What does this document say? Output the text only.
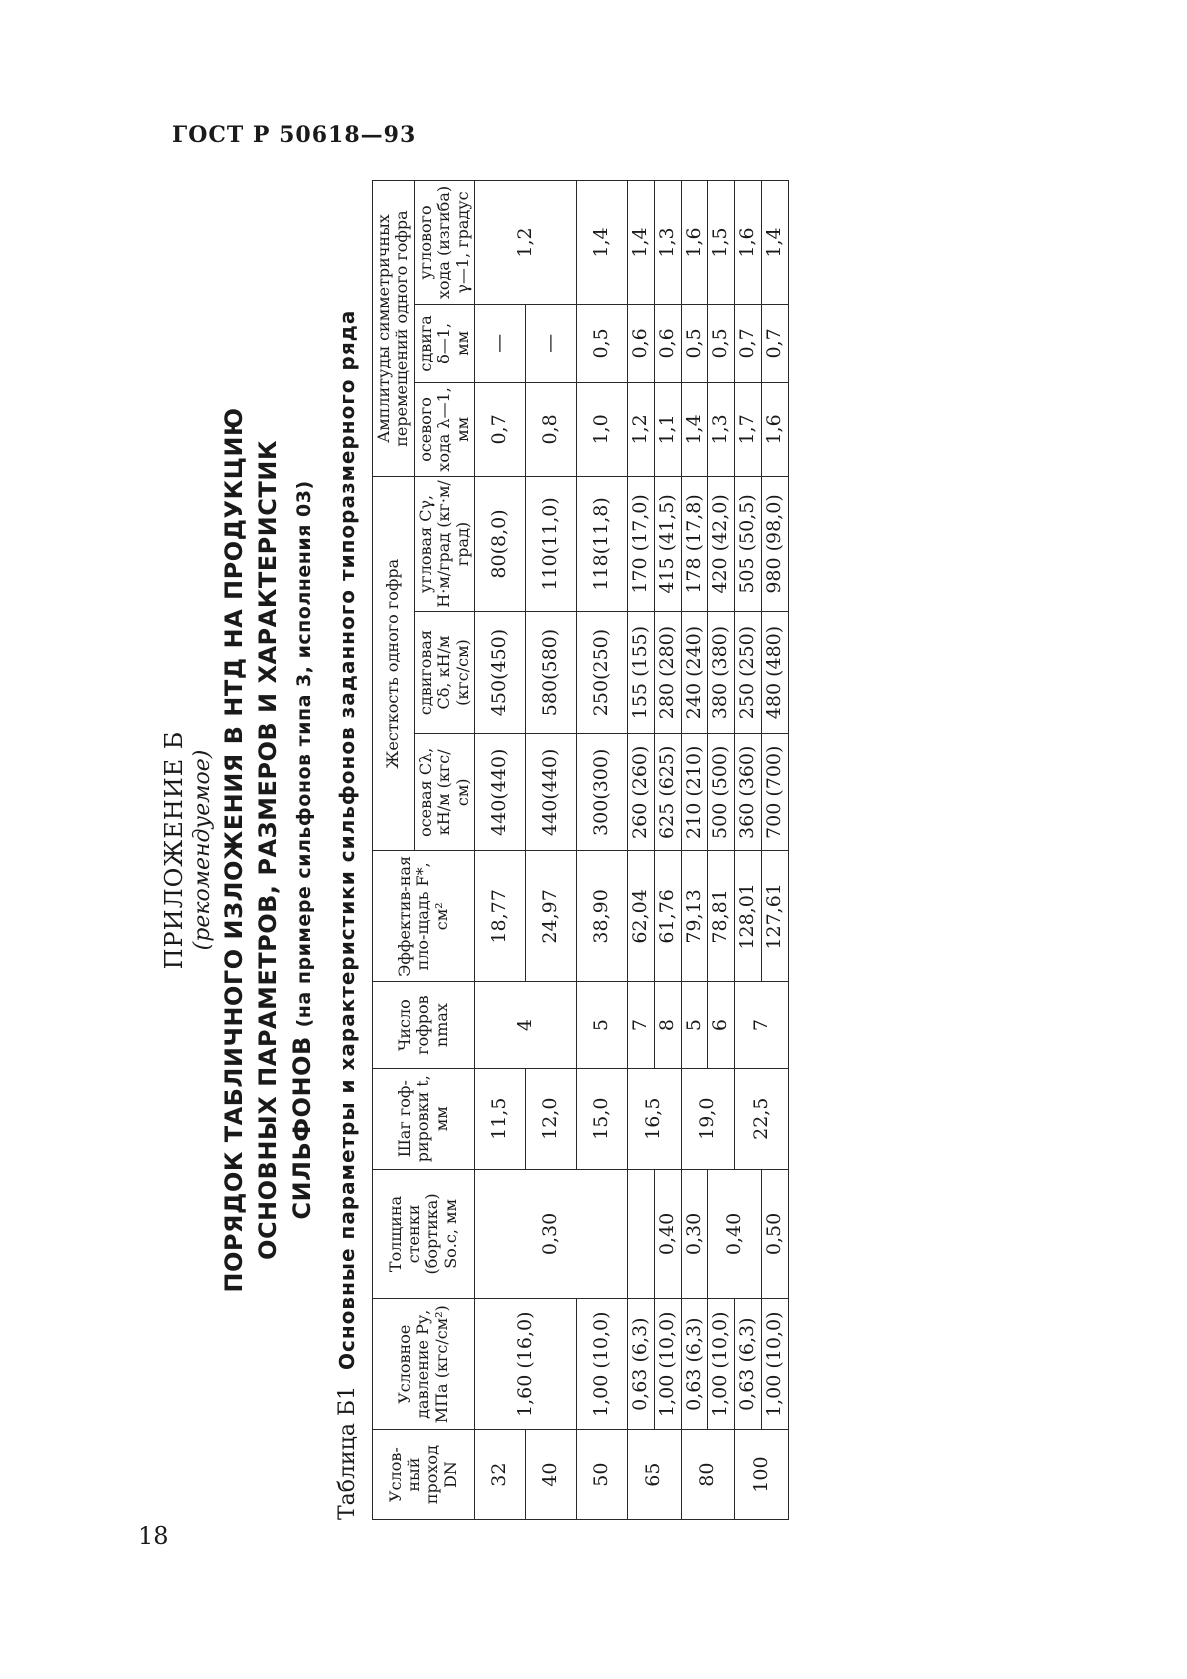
ГОСТ Р 50618—93
18
ПРИЛОЖЕНИЕ Б (рекомендуемое) ПОРЯДОК ТАБЛИЧНОГО ИЗЛОЖЕНИЯ В НТД НА ПРОДУКЦИЮ ОСНОВНЫХ ПАРАМЕТРОВ, РАЗМЕРОВ И ХАРАКТЕРИСТИК СИЛЬФОНОВ (на примере сильфонов типа 3, исполнения 03)
Таблица Б1
Основные параметры и характеристики сильфонов заданного типоразмерного ряда
Услов-ный проход DN	Условное давление Pу, МПа (кгс/см²)	Толщина стенки (бортика) Sо.с, мм	Шаг гоф-рировки t, мм	Число гофров nmax	Эффектив-ная пло-щадь F*, см²	Жесткость одного гофра			Амплитуды симметричных перемещений одного гофра		
						осевая Cλ, кН/м (кгс/см)	сдвиговая Cδ, кН/м (кгс/см)	угловая Cγ, Н·м/град (кг·м/град)	осевого хода λ—1, мм	сдвига δ—1, мм	углового хода (изгиба) γ—1, градус
32	1,60 (16,0)	0,30	11,5	4	18,77	440(440)	450(450)	80(8,0)	0,7	—	1,2
40			12,0		24,97	440(440)	580(580)	110(11,0)	0,8	—	
50	1,00 (10,0)		15,0	5	38,90	300(300)	250(250)	118(11,8)	1,0	0,5	1,4
65	0,63 (6,3)		16,5	7	62,04	260 (260)	155 (155)	170 (17,0)	1,2	0,6	1,4
	1,00 (10,0)	0,40		8	61,76	625 (625)	280 (280)	415 (41,5)	1,1	0,6	1,3
80	0,63 (6,3)	0,30	19,0	5	79,13	210 (210)	240 (240)	178 (17,8)	1,4	0,5	1,6
	1,00 (10,0)	0,40		6	78,81	500 (500)	380 (380)	420 (42,0)	1,3	0,5	1,5
100	0,63 (6,3)		22,5	7	128,01	360 (360)	250 (250)	505 (50,5)	1,7	0,7	1,6
	1,00 (10,0)	0,50			127,61	700 (700)	480 (480)	980 (98,0)	1,6	0,7	1,4
